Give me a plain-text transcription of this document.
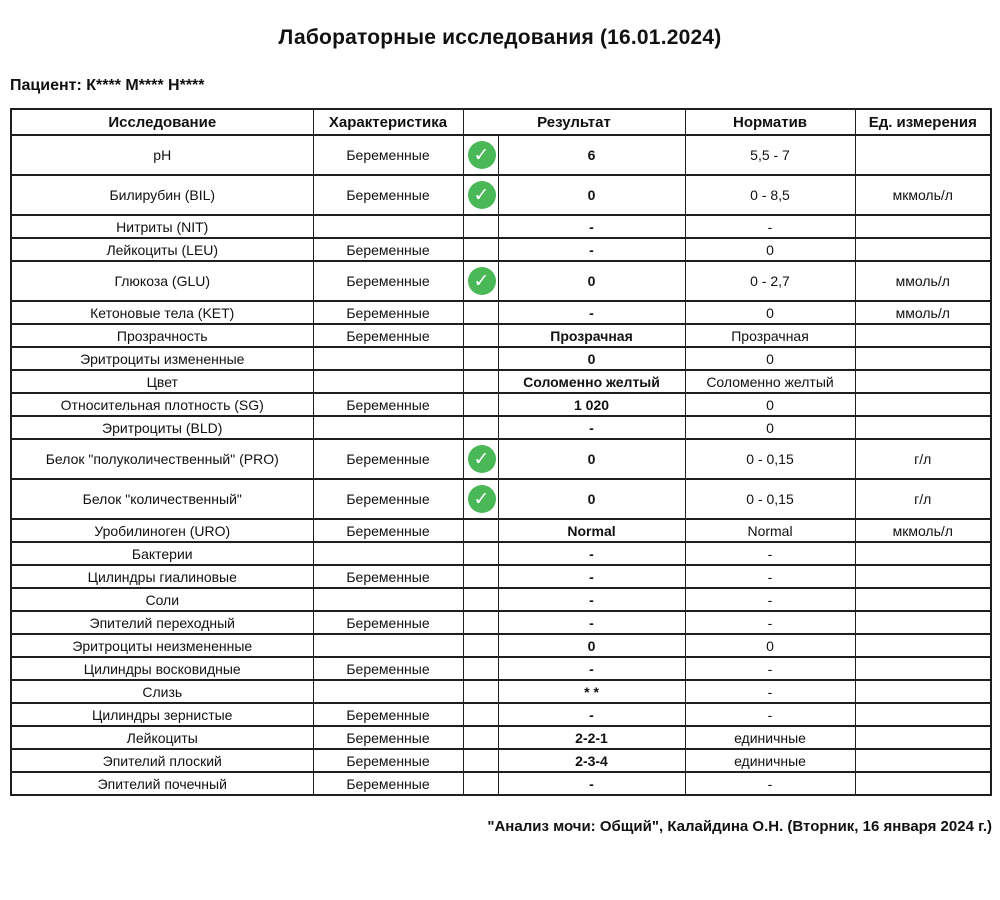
Лабораторные исследования (16.01.2024)
Пациент: К**** М**** Н****
Исследование	Характеристика	Результат		Норматив	Ед. измерения
pH	Беременные	✓	6	5,5 - 7	
Билирубин (BIL)	Беременные	✓	0	0 - 8,5	мкмоль/л
Нитриты (NIT)			-	-	
Лейкоциты (LEU)	Беременные		-	0	
Глюкоза (GLU)	Беременные	✓	0	0 - 2,7	ммоль/л
Кетоновые тела (KET)	Беременные		-	0	ммоль/л
Прозрачность	Беременные		Прозрачная	Прозрачная	
Эритроциты измененные			0	0	
Цвет			Соломенно желтый	Соломенно желтый	
Относительная плотность (SG)	Беременные		1 020	0	
Эритроциты (BLD)			-	0	
Белок "полуколичественный" (PRO)	Беременные	✓	0	0 - 0,15	г/л
Белок "количественный"	Беременные	✓	0	0 - 0,15	г/л
Уробилиноген (URO)	Беременные		Normal	Normal	мкмоль/л
Бактерии			-	-	
Цилиндры гиалиновые	Беременные		-	-	
Соли			-	-	
Эпителий переходный	Беременные		-	-	
Эритроциты неизмененные			0	0	
Цилиндры восковидные	Беременные		-	-	
Слизь			* *	-	
Цилиндры зернистые	Беременные		-	-	
Лейкоциты	Беременные		2-2-1	единичные	
Эпителий плоский	Беременные		2-3-4	единичные	
Эпителий почечный	Беременные		-	-	
"Анализ мочи: Общий", Калайдина О.Н. (Вторник, 16 января 2024 г.)
